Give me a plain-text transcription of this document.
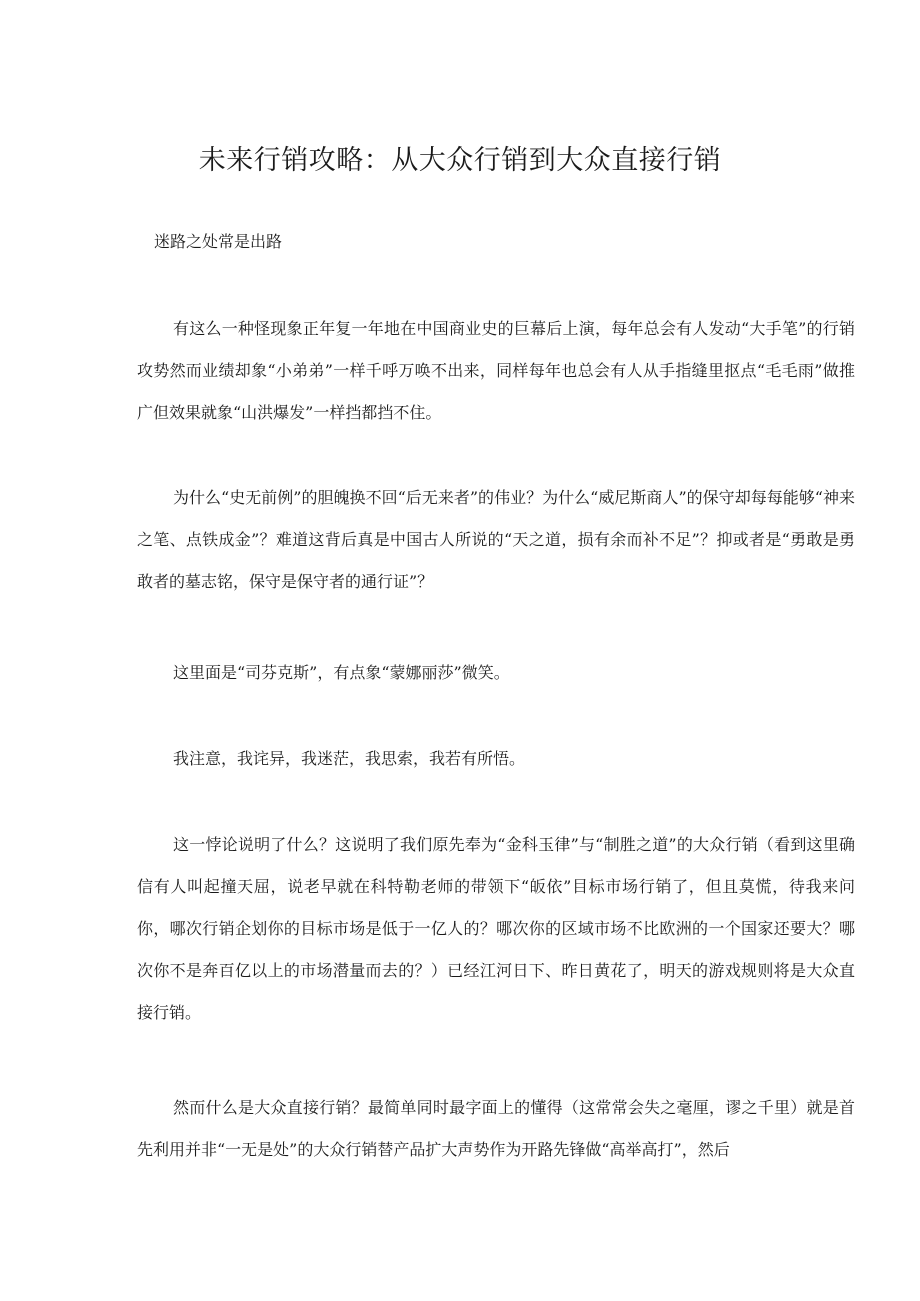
未来行销攻略：从大众行销到大众直接行销

迷路之处常是出路

有这么一种怪现象正年复一年地在中国商业史的巨幕后上演，每年总会有人发动“大手笔”的行销攻势然而业绩却象“小弟弟”一样千呼万唤不出来，同样每年也总会有人从手指缝里抠点“毛毛雨”做推广但效果就象“山洪爆发”一样挡都挡不住。

为什么“史无前例”的胆魄换不回“后无来者”的伟业？为什么“威尼斯商人”的保守却每每能够“神来之笔、点铁成金”？难道这背后真是中国古人所说的“天之道，损有余而补不足”？抑或者是“勇敢是勇敢者的墓志铭，保守是保守者的通行证”？

这里面是“司芬克斯”，有点象“蒙娜丽莎”微笑。

我注意，我诧异，我迷茫，我思索，我若有所悟。

这一悖论说明了什么？这说明了我们原先奉为“金科玉律”与“制胜之道”的大众行销（看到这里确信有人叫起撞天屈，说老早就在科特勒老师的带领下“皈依”目标市场行销了，但且莫慌，待我来问你，哪次行销企划你的目标市场是低于一亿人的？哪次你的区域市场不比欧洲的一个国家还要大？哪次你不是奔百亿以上的市场潜量而去的？）已经江河日下、昨日黄花了，明天的游戏规则将是大众直接行销。

然而什么是大众直接行销？最简单同时最字面上的懂得（这常常会失之毫厘，谬之千里）就是首先利用并非“一无是处”的大众行销替产品扩大声势作为开路先锋做“高举高打”，然后
